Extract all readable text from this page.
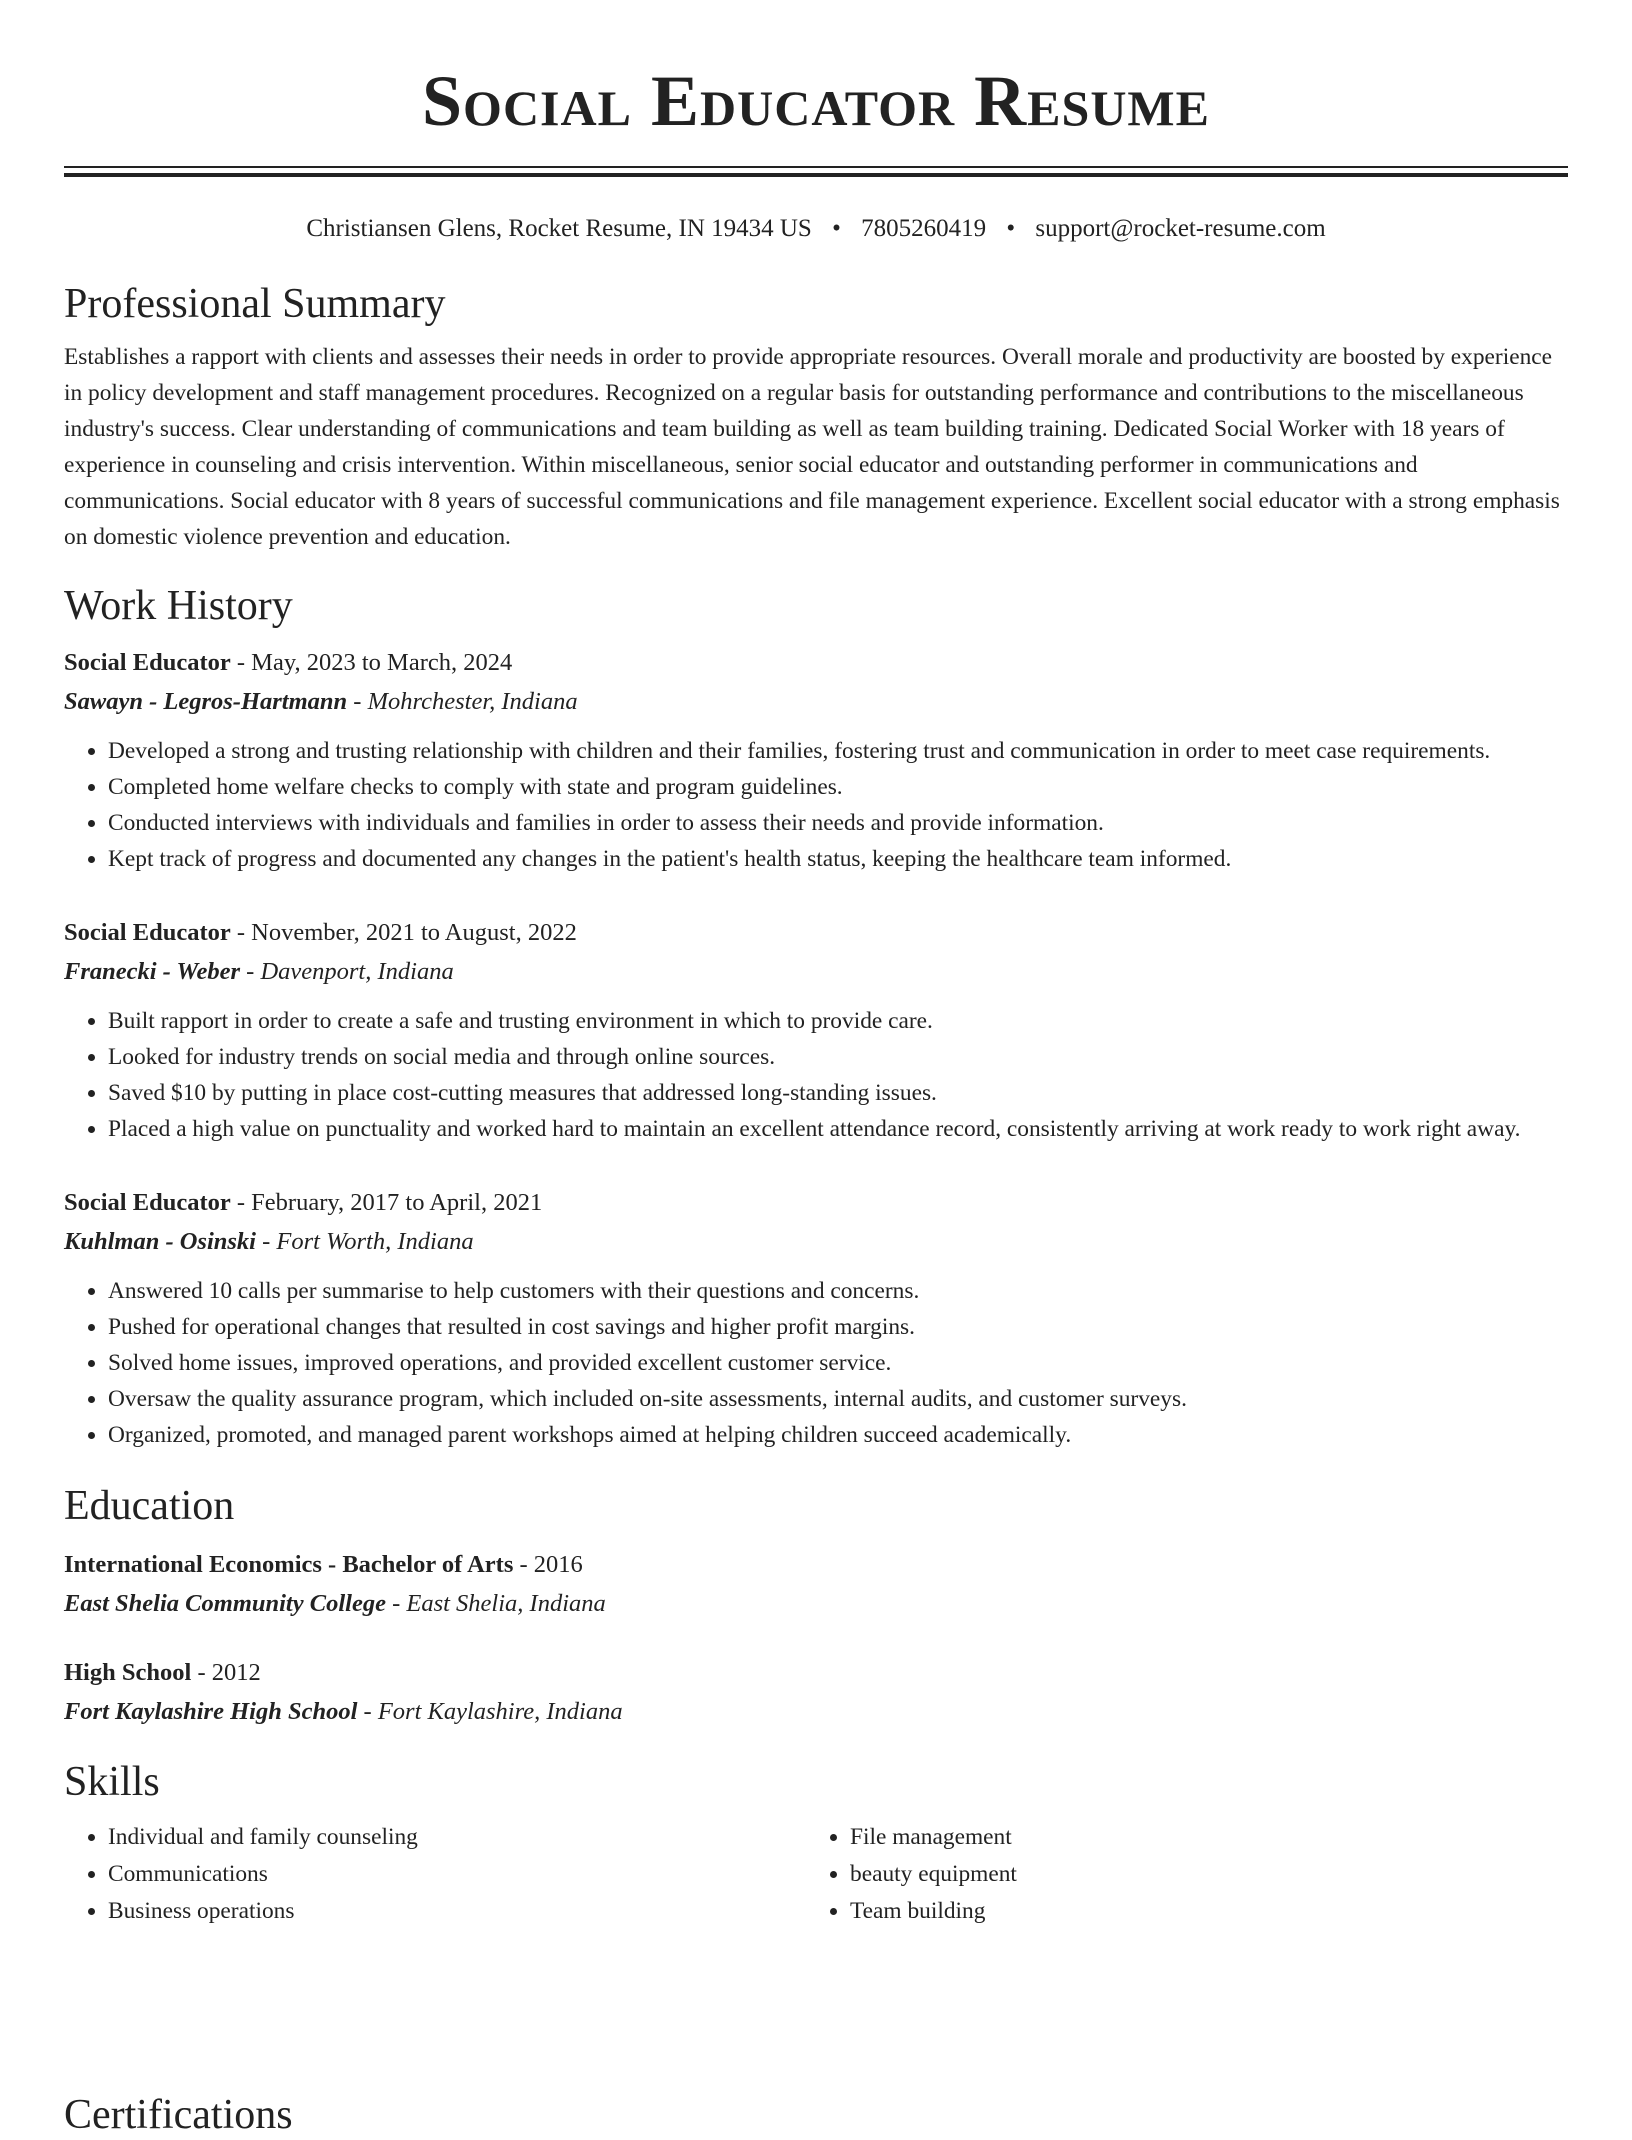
Social Educator Resume
Christiansen Glens, Rocket Resume, IN 19434 US • 7805260419 • support@rocket-resume.com
Professional Summary

Establishes a rapport with clients and assesses their needs in order to provide appropriate resources. Overall morale and productivity are boosted by experience in policy development and staff management procedures. Recognized on a regular basis for outstanding performance and contributions to the miscellaneous industry's success. Clear understanding of communications and team building as well as team building training. Dedicated Social Worker with 18 years of experience in counseling and crisis intervention. Within miscellaneous, senior social educator and outstanding performer in communications and communications. Social educator with 8 years of successful communications and file management experience. Excellent social educator with a strong emphasis on domestic violence prevention and education.

Work History
Social Educator - May, 2023 to March, 2024
Sawayn - Legros-Hartmann - Mohrchester, Indiana
• Developed a strong and trusting relationship with children and their families, fostering trust and communication in order to meet case requirements.
• Completed home welfare checks to comply with state and program guidelines.
• Conducted interviews with individuals and families in order to assess their needs and provide information.
• Kept track of progress and documented any changes in the patient's health status, keeping the healthcare team informed.
Social Educator - November, 2021 to August, 2022
Franecki - Weber - Davenport, Indiana
• Built rapport in order to create a safe and trusting environment in which to provide care.
• Looked for industry trends on social media and through online sources.
• Saved $10 by putting in place cost-cutting measures that addressed long-standing issues.
• Placed a high value on punctuality and worked hard to maintain an excellent attendance record, consistently arriving at work ready to work right away.
Social Educator - February, 2017 to April, 2021
Kuhlman - Osinski - Fort Worth, Indiana
• Answered 10 calls per summarise to help customers with their questions and concerns.
• Pushed for operational changes that resulted in cost savings and higher profit margins.
• Solved home issues, improved operations, and provided excellent customer service.
• Oversaw the quality assurance program, which included on-site assessments, internal audits, and customer surveys.
• Organized, promoted, and managed parent workshops aimed at helping children succeed academically.
Education
International Economics - Bachelor of Arts - 2016
East Shelia Community College - East Shelia, Indiana
High School - 2012
Fort Kaylashire High School - Fort Kaylashire, Indiana
Skills
• Individual and family counseling
• Communications
• Business operations
• File management
• beauty equipment
• Team building
Certifications
